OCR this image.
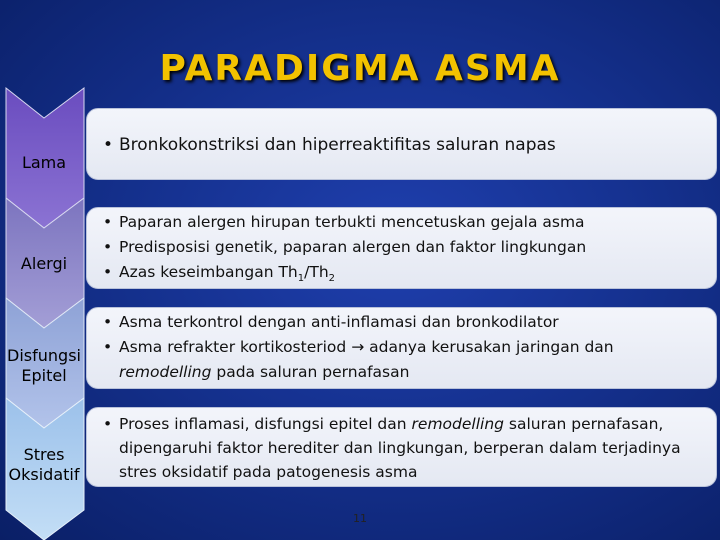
PARADIGMA ASMA
Lama
Alergi
Disfungsi
Epitel
Stres
Oksidatif
• Bronkokonstriksi dan hiperreaktifitas saluran napas
• Paparan alergen hirupan terbukti mencetuskan gejala asma
• Predisposisi genetik, paparan alergen dan faktor lingkungan
• Azas keseimbangan $Th_1/Th_2$
• Asma terkontrol dengan anti-inflamasi dan bronkodilator
• Asma refrakter kortikosteriod → adanya kerusakan jaringan dan
remodelling pada saluran pernafasan
• Proses inflamasi, disfungsi epitel dan remodelling saluran pernafasan, dipengaruhi faktor herediter dan lingkungan, berperan dalam terjadinya stres oksidatif pada patogenesis asma
11
